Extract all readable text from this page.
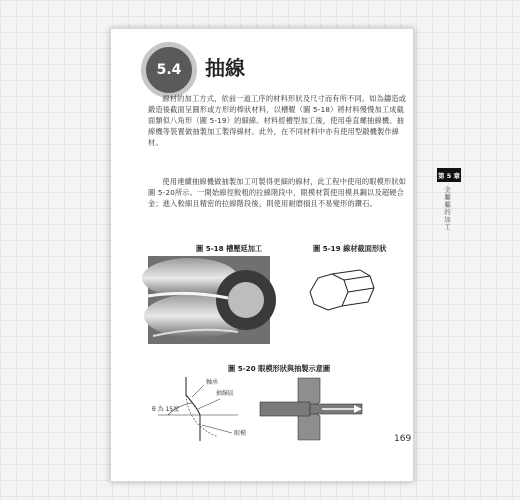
5.4	抽線
線材的加工方式，依前一道工序的材料形狀及尺寸而有所不同。如為鑄造或鍛造後截面呈圓形或方形的棒狀材料，以槽輥（圖 5-18）將材料慢慢加工成截面類似八角形（圖 5-19）的細線。材料經槽型加工後，使用垂直螺抽線機、抽線機等裝置做抽製加工製得線材。此外，在不同材料中亦有使用型鍛機製作線材。
使用連續抽線機做抽製加工可製得更細的線材，此工程中使用的眼模形狀如圖 5-20所示。一開始線徑較粗的拉線階段中，眼模材質使用模具鋼以及超硬合金；進入較細且精密的拉線階段後，則使用耐磨損且不易變形的鑽石。
圖 5-18 槽壓延加工	圖 5-19 線材截面形狀
圖 5-20 眼模形狀與抽製示意圖
軸承
抽線區
θ 為 15度
眼模
第 5 章
金屬屬的加工
169
